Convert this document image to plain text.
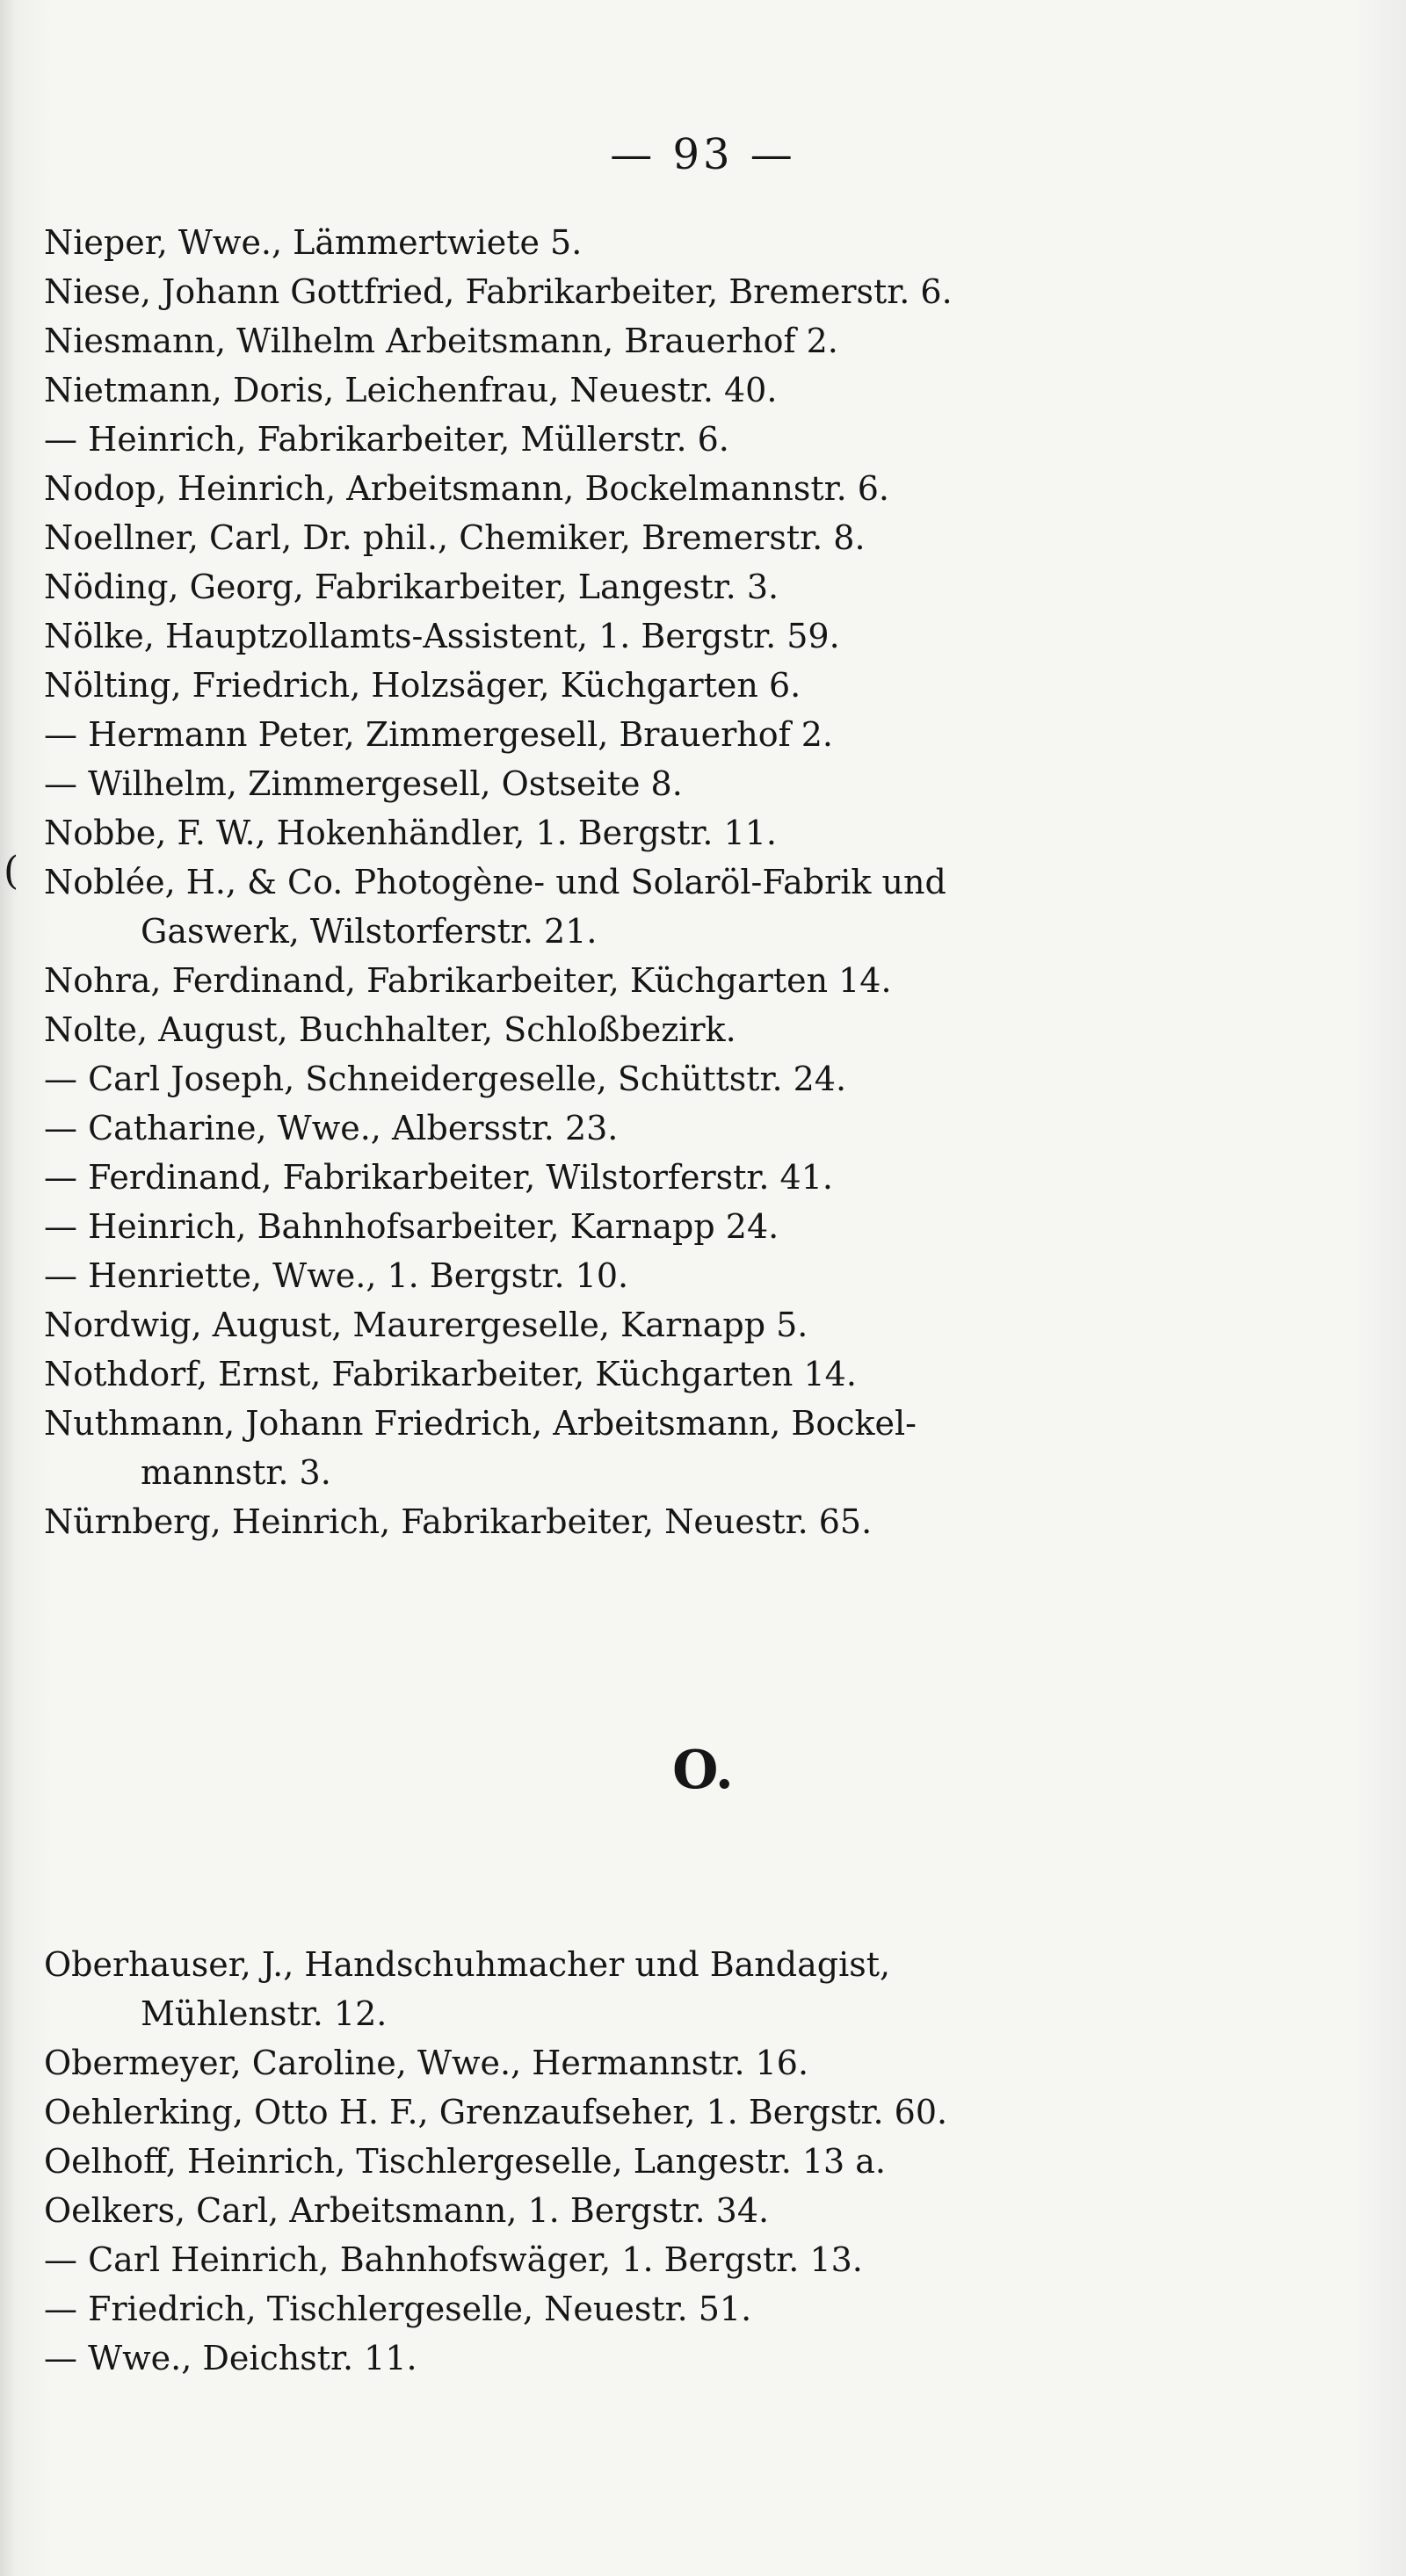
— 93 —
(
Nieper, Wwe., Lämmertwiete 5.
Niese, Johann Gottfried, Fabrikarbeiter, Bremerstr. 6.
Niesmann, Wilhelm Arbeitsmann, Brauerhof 2.
Nietmann, Doris, Leichenfrau, Neuestr. 40.
— Heinrich, Fabrikarbeiter, Müllerstr. 6.
Nodop, Heinrich, Arbeitsmann, Bockelmannstr. 6.
Noellner, Carl, Dr. phil., Chemiker, Bremerstr. 8.
Nöding, Georg, Fabrikarbeiter, Langestr. 3.
Nölke, Hauptzollamts-Assistent, 1. Bergstr. 59.
Nölting, Friedrich, Holzsäger, Küchgarten 6.
— Hermann Peter, Zimmergesell, Brauerhof 2.
— Wilhelm, Zimmergesell, Ostseite 8.
Nobbe, F. W., Hokenhändler, 1. Bergstr. 11.
Noblée, H., & Co. Photogène- und Solaröl-Fabrik und
Gaswerk, Wilstorferstr. 21.
Nohra, Ferdinand, Fabrikarbeiter, Küchgarten 14.
Nolte, August, Buchhalter, Schloßbezirk.
— Carl Joseph, Schneidergeselle, Schüttstr. 24.
— Catharine, Wwe., Albersstr. 23.
— Ferdinand, Fabrikarbeiter, Wilstorferstr. 41.
— Heinrich, Bahnhofsarbeiter, Karnapp 24.
— Henriette, Wwe., 1. Bergstr. 10.
Nordwig, August, Maurergeselle, Karnapp 5.
Nothdorf, Ernst, Fabrikarbeiter, Küchgarten 14.
Nuthmann, Johann Friedrich, Arbeitsmann, Bockel-
mannstr. 3.
Nürnberg, Heinrich, Fabrikarbeiter, Neuestr. 65.
O.
Oberhauser, J., Handschuhmacher und Bandagist,
Mühlenstr. 12.
Obermeyer, Caroline, Wwe., Hermannstr. 16.
Oehlerking, Otto H. F., Grenzaufseher, 1. Bergstr. 60.
Oelhoff, Heinrich, Tischlergeselle, Langestr. 13 a.
Oelkers, Carl, Arbeitsmann, 1. Bergstr. 34.
— Carl Heinrich, Bahnhofswäger, 1. Bergstr. 13.
— Friedrich, Tischlergeselle, Neuestr. 51.
— Wwe., Deichstr. 11.
